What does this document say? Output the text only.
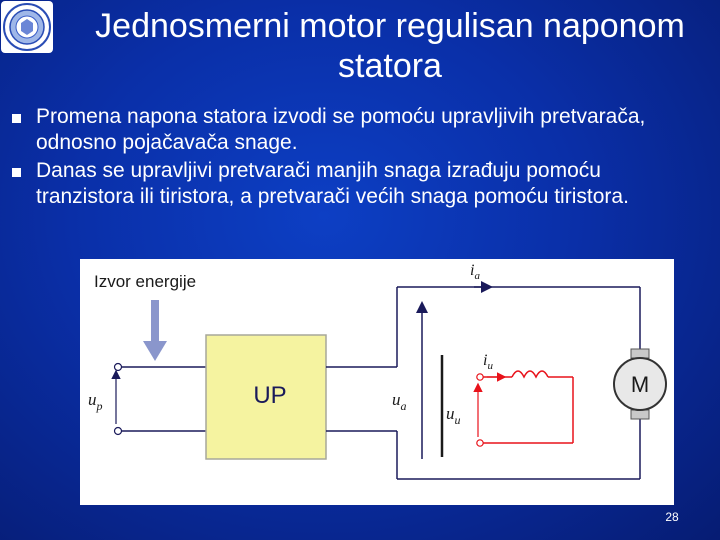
Jednosmerni motor regulisan naponom
statora
Promena napona statora izvodi se pomoću upravljivih pretvarača, odnosno pojačavača snage.
Danas se upravljivi pretvarači manjih snaga izrađuju pomoću tranzistora ili tiristora, a pretvarači većih snaga pomoću tiristora.
Izvor energije
$u_p$	UP
$i_a$
$u_a$
$i_u$
$u_u$
M
28
